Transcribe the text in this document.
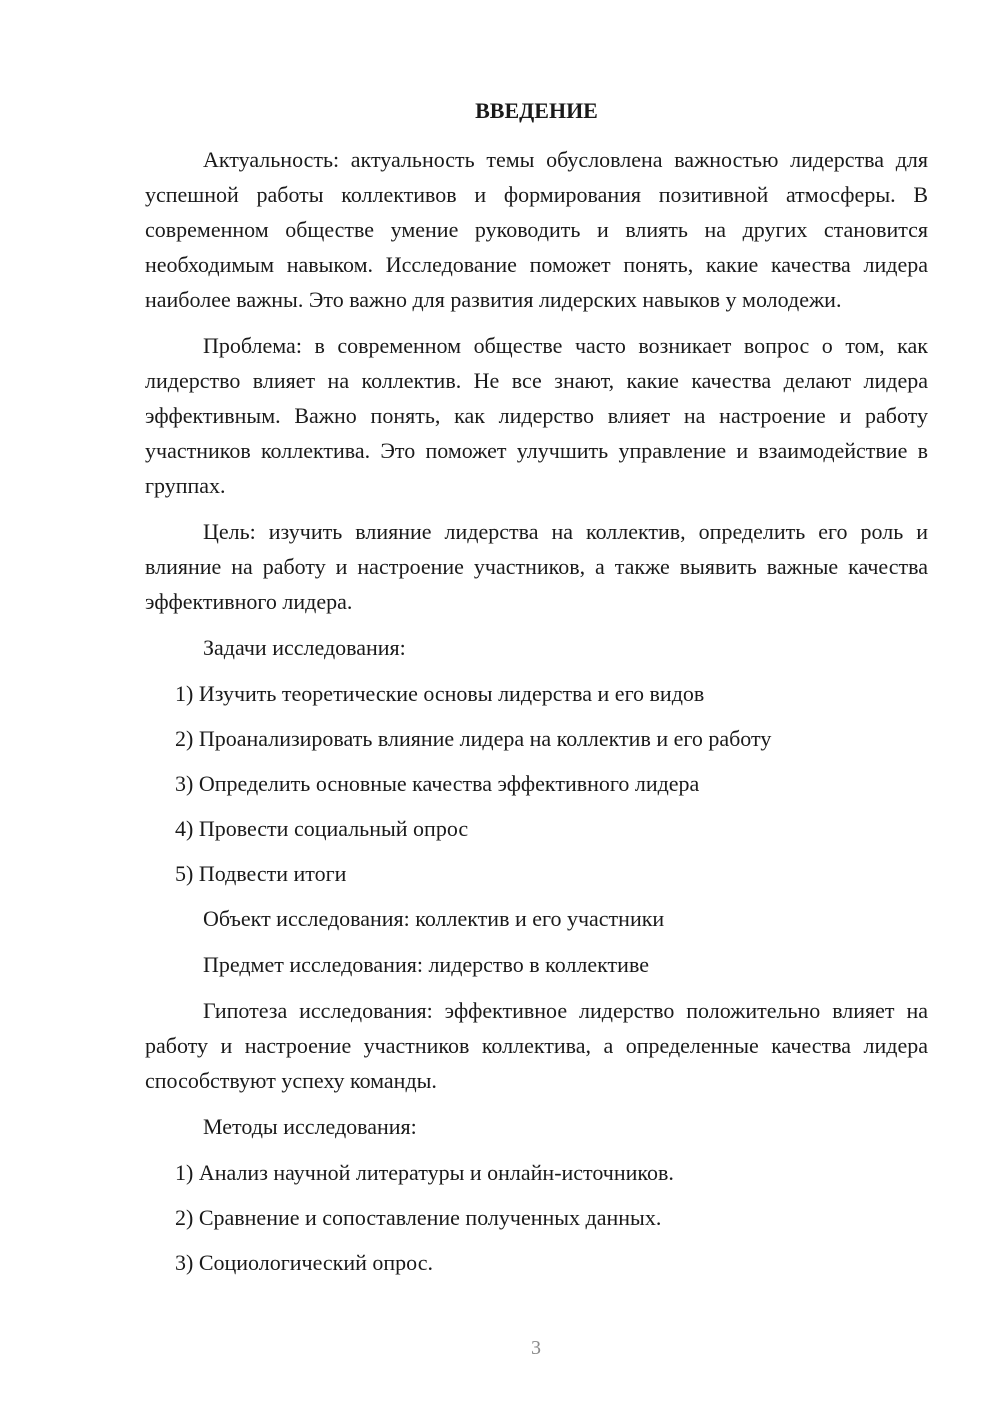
ВВЕДЕНИЕ

Актуальность: актуальность темы обусловлена важностью лидерства для успешной работы коллективов и формирования позитивной атмосферы. В современном обществе умение руководить и влиять на других становится необходимым навыком. Исследование поможет понять, какие качества лидера наиболее важны. Это важно для развития лидерских навыков у молодежи.

Проблема: в современном обществе часто возникает вопрос о том, как лидерство влияет на коллектив. Не все знают, какие качества делают лидера эффективным. Важно понять, как лидерство влияет на настроение и работу участников коллектива. Это поможет улучшить управление и взаимодействие в группах.

Цель: изучить влияние лидерства на коллектив, определить его роль и влияние на работу и настроение участников, а также выявить важные качества эффективного лидера.

Задачи исследования:

1) Изучить теоретические основы лидерства и его видов
2) Проанализировать влияние лидера на коллектив и его работу
3) Определить основные качества эффективного лидера
4) Провести социальный опрос
5) Подвести итоги

Объект исследования: коллектив и его участники

Предмет исследования: лидерство в коллективе

Гипотеза исследования: эффективное лидерство положительно влияет на работу и настроение участников коллектива, а определенные качества лидера способствуют успеху команды.

Методы исследования:

1) Анализ научной литературы и онлайн-источников.
2) Сравнение и сопоставление полученных данных.
3) Социологический опрос.
3
